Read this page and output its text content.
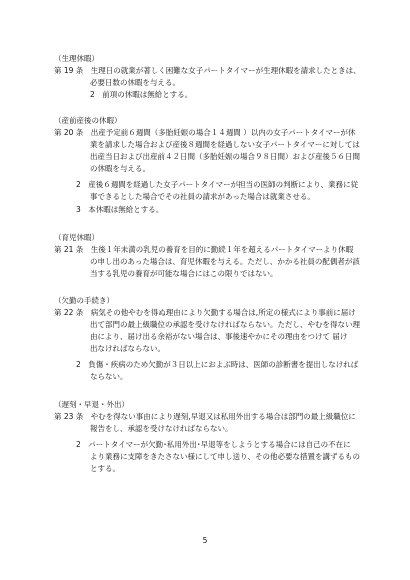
（生理休暇）
第 19 条　生理日の就業が著しく困難な女子パートタイマーが生理休暇を請求したときは、
必要日数の休暇を与える。
2　前項の休暇は無給とする。
（産前産後の休暇）
第 20 条　出産予定前６週間（多胎妊娠の場合１４週間 ）以内の女子パートタイマーが休
業を請求した場合および産後８週間を経過しない女子パートタイマーに対しては
出産当日および出産前４２日間（多胎妊娠の場合９８日間）および産後５６日間
の休暇を与える。
2　産後６週間を経過した女子パートタイマーが担当の医師の判断により、業務に従
事できるとした場合でその社員の請求があった場合は就業させる。
3　本休暇は無給とする。
（育児休暇）
第 21 条　生後１年未満の乳児の養育を目的に勤続１年を超えるパートタイマーより休暇
の申し出のあった場合は、育児休暇を与える。ただし、かかる社員の配偶者が該
当する乳児の養育が可能な場合にはこの限りではない。
（欠勤の手続き）
第 22 条　病気その他やむを得ぬ理由により欠勤する場合は,所定の様式により事前に届け
出て部門の最上級職位の承認を受けなければならない。ただし、やむを得ない理
由により、届け出る余裕がない場合は、事後速やかにその理由をつけて 届け
出なければならない。
2　負傷・疾病のため欠勤が３日以上におよぶ時は、医師の診断書を提出しなければ
ならない。
（遅刻・早退・外出）
第 23 条　やむを得ない事由により遅刻,早退又は私用外出する場合は部門の最上級職位に
報告をし、承認を受けなければならない。
2　パートタイマーが欠勤･私用外出･早退等をしようとする場合には自己の不在に
より業務に支障をきたさない様にして申し送り、その他必要な措置を講ずるもの
とする。
5
